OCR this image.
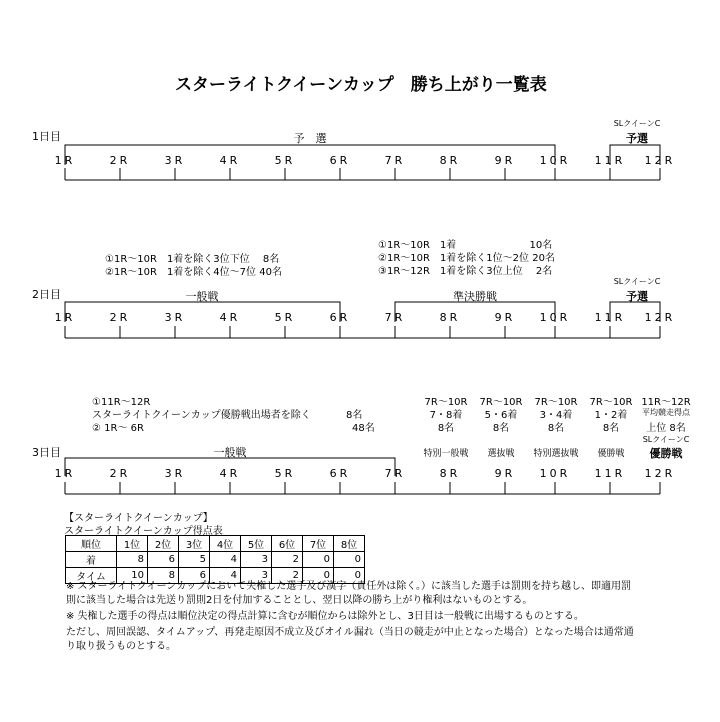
スターライトクイーンカップ　勝ち上がり一覧表
1日目	予　選
SLクイーンC
予選
1R	2R	3R	4R	5R	6R	7R	8R	9R 10R 11R 12R
①1R～10R　1着を除く3位下位　 8名
②1R～10R　1着を除く4位～7位 40名
①1R～10R　1着　　　　　　 　10名
②1R～10R　1着を除く1位～2位 20名
③1R～12R　1着を除く3位上位　 2名
2日目	一般戦	準決勝戦
SLクイーンC
予選
1R	2R	3R	4R	5R	6R	7R	8R	9R 10R 11R 12R
①11R～12R
スターライトクイーンカップ優勝戦出場者を除く	8名
② 1R～ 6R	48名
7R～10R
7・8着
8名
特別一般戦
7R～10R
5・6着
8名
選抜戦
7R～10R
3・4着
8名
特別選抜戦
7R～10R
1・2着
8名
優勝戦
11R～12R
平均競走得点
上位 8名
SLクイーンC
優勝戦
3日目	一般戦
1R	2R	3R	4R	5R	6R	7R	8R	9R 10R 11R 12R
【スターライトクイーンカップ】
スターライトクイーンカップ得点表
順位	1位	2位	3位	4位	5位	6位	7位	8位
着	8	6	5	4	3	2	0	0
タイム	10	8	6	4	3	2	0	0
※ スターライトクイーンカップにおいて失権した選手及び漢字（責任外は除く。）に該当した選手は罰則を持ち越し、即適用罰
則に該当した場合は先送り罰則2日を付加することとし、翌日以降の勝ち上がり権利はないものとする。
※ 失権した選手の得点は順位決定の得点計算に含むが順位からは除外とし、3日目は一般戦に出場するものとする。
ただし、周回誤認、タイムアップ、再発走原因不成立及びオイル漏れ（当日の競走が中止となった場合）となった場合は通常通
り取り扱うものとする。
